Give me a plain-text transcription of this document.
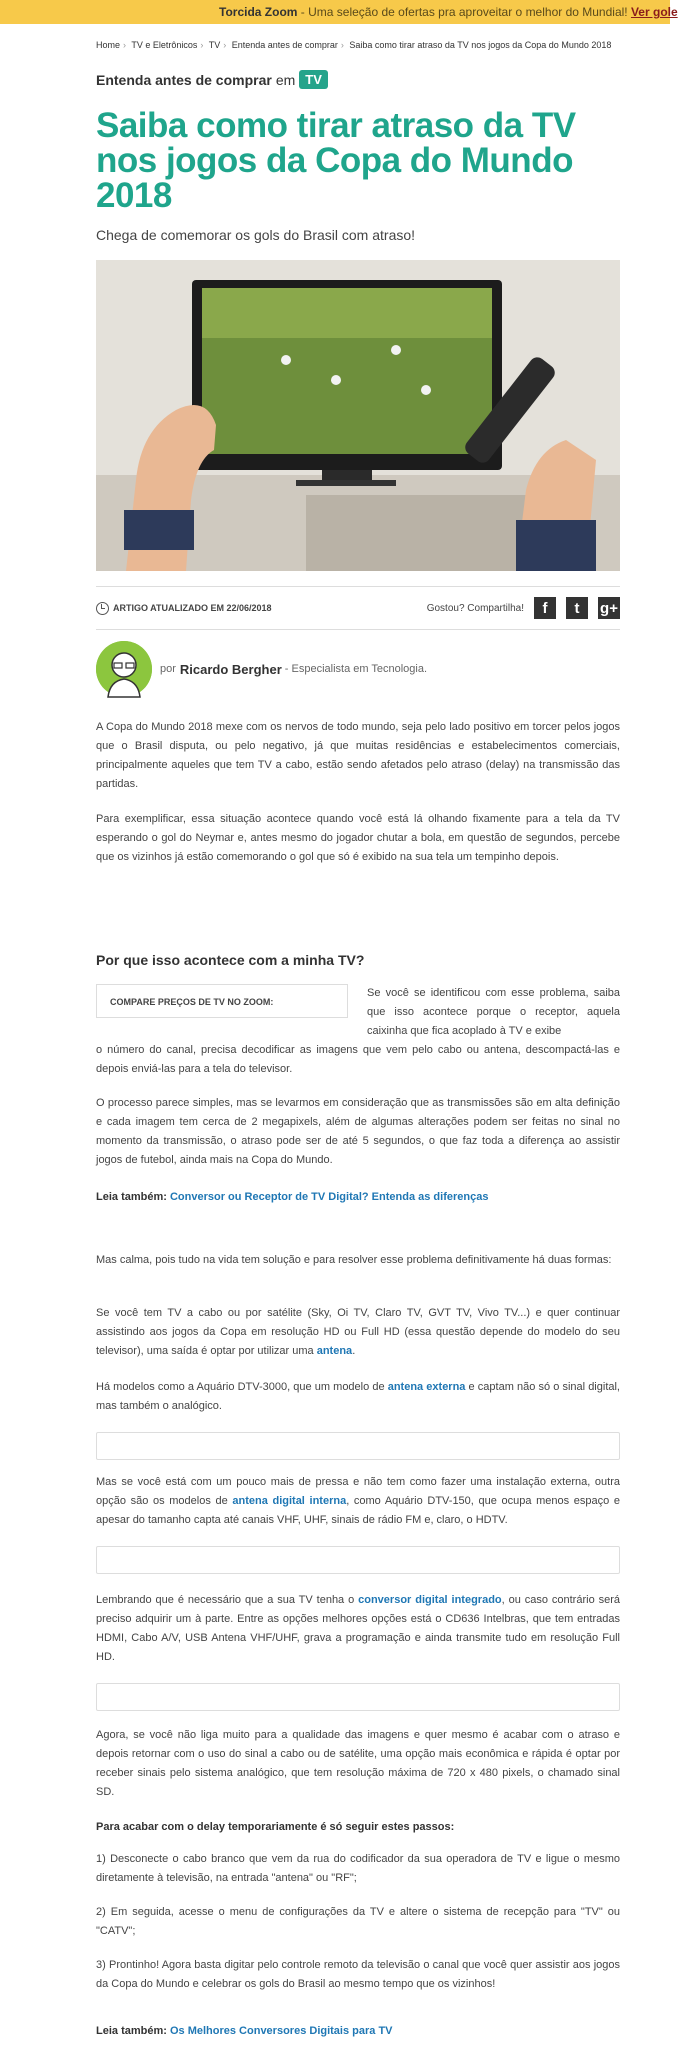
Torcida Zoom - Uma seleção de ofertas pra aproveitar o melhor do Mundial! Ver gole
Home › TV e Eletrônicos › TV › Entenda antes de comprar › Saiba como tirar atraso da TV nos jogos da Copa do Mundo 2018
Entenda antes de comprar em TV
Saiba como tirar atraso da TV nos jogos da Copa do Mundo 2018
Chega de comemorar os gols do Brasil com atraso!
ARTIGO ATUALIZADO EM 22/06/2018	Gostou? Compartilha!	f	t	g+
por Ricardo Bergher - Especialista em Tecnologia.
A Copa do Mundo 2018 mexe com os nervos de todo mundo, seja pelo lado positivo em torcer pelos jogos que o Brasil disputa, ou pelo negativo, já que muitas residências e estabelecimentos comerciais, principalmente aqueles que tem TV a cabo, estão sendo afetados pelo atraso (delay) na transmissão das partidas.
Para exemplificar, essa situação acontece quando você está lá olhando fixamente para a tela da TV esperando o gol do Neymar e, antes mesmo do jogador chutar a bola, em questão de segundos, percebe que os vizinhos já estão comemorando o gol que só é exibido na sua tela um tempinho depois.
Por que isso acontece com a minha TV?
COMPARE PREÇOS DE TV NO ZOOM:
Se você se identificou com esse problema, saiba que isso acontece porque o receptor, aquela caixinha que fica acoplado à TV e exibe
o número do canal, precisa decodificar as imagens que vem pelo cabo ou antena, descompactá-las e depois enviá-las para a tela do televisor.
O processo parece simples, mas se levarmos em consideração que as transmissões são em alta definição e cada imagem tem cerca de 2 megapixels, além de algumas alterações podem ser feitas no sinal no momento da transmissão, o atraso pode ser de até 5 segundos, o que faz toda a diferença ao assistir jogos de futebol, ainda mais na Copa do Mundo.
Leia também: Conversor ou Receptor de TV Digital? Entenda as diferenças
Mas calma, pois tudo na vida tem solução e para resolver esse problema definitivamente há duas formas:
Se você tem TV a cabo ou por satélite (Sky, Oi TV, Claro TV, GVT TV, Vivo TV...) e quer continuar assistindo aos jogos da Copa em resolução HD ou Full HD (essa questão depende do modelo do seu televisor), uma saída é optar por utilizar uma antena.
Há modelos como a Aquário DTV-3000, que um modelo de antena externa e captam não só o sinal digital, mas também o analógico.
Mas se você está com um pouco mais de pressa e não tem como fazer uma instalação externa, outra opção são os modelos de antena digital interna, como Aquário DTV-150, que ocupa menos espaço e apesar do tamanho capta até canais VHF, UHF, sinais de rádio FM e, claro, o HDTV.
Lembrando que é necessário que a sua TV tenha o conversor digital integrado, ou caso contrário será preciso adquirir um à parte. Entre as opções melhores opções está o CD636 Intelbras, que tem entradas HDMI, Cabo A/V, USB Antena VHF/UHF, grava a programação e ainda transmite tudo em resolução Full HD.
Agora, se você não liga muito para a qualidade das imagens e quer mesmo é acabar com o atraso e depois retornar com o uso do sinal a cabo ou de satélite, uma opção mais econômica e rápida é optar por receber sinais pelo sistema analógico, que tem resolução máxima de 720 x 480 pixels, o chamado sinal SD.
Para acabar com o delay temporariamente é só seguir estes passos:
1) Desconecte o cabo branco que vem da rua do codificador da sua operadora de TV e ligue o mesmo diretamente à televisão, na entrada "antena" ou "RF";
2) Em seguida, acesse o menu de configurações da TV e altere o sistema de recepção para "TV" ou "CATV";
3) Prontinho! Agora basta digitar pelo controle remoto da televisão o canal que você quer assistir aos jogos da Copa do Mundo e celebrar os gols do Brasil ao mesmo tempo que os vizinhos!
Leia também: Os Melhores Conversores Digitais para TV
